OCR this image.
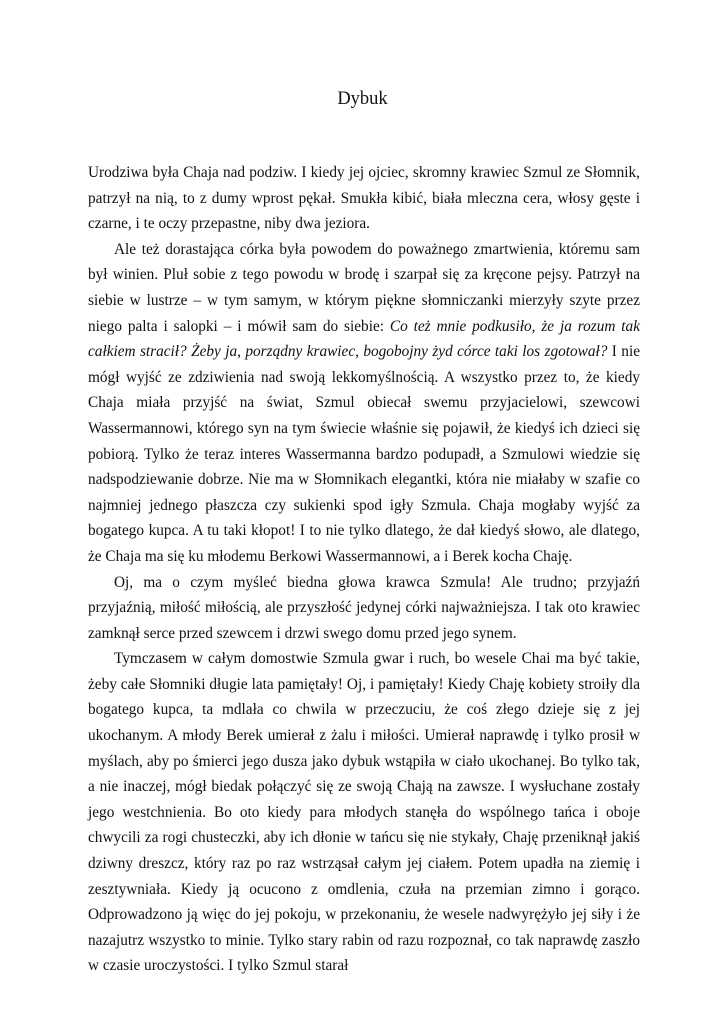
Dybuk

Urodziwa była Chaja nad podziw. I kiedy jej ojciec, skromny krawiec Szmul ze Słomnik, patrzył na nią, to z dumy wprost pękał. Smukła kibić, biała mleczna cera, włosy gęste i czarne, i te oczy przepastne, niby dwa jeziora.

Ale też dorastająca córka była powodem do poważnego zmartwienia, któremu sam był winien. Pluł sobie z tego powodu w brodę i szarpał się za kręcone pejsy. Patrzył na siebie w lustrze – w tym samym, w którym piękne słomniczanki mierzyły szyte przez niego palta i salopki – i mówił sam do siebie: Co też mnie podkusiło, że ja rozum tak całkiem stracił? Żeby ja, porządny krawiec, bogobojny żyd córce taki los zgotował? I nie mógł wyjść ze zdziwienia nad swoją lekkomyślnością. A wszystko przez to, że kiedy Chaja miała przyjść na świat, Szmul obiecał swemu przyjacielowi, szewcowi Wassermannowi, którego syn na tym świecie właśnie się pojawił, że kiedyś ich dzieci się pobiorą. Tylko że teraz interes Wassermanna bardzo podupadł, a Szmulowi wiedzie się nadspodziewanie dobrze. Nie ma w Słomnikach elegantki, która nie miałaby w szafie co najmniej jednego płaszcza czy sukienki spod igły Szmula. Chaja mogłaby wyjść za bogatego kupca. A tu taki kłopot! I to nie tylko dlatego, że dał kiedyś słowo, ale dlatego, że Chaja ma się ku młodemu Berkowi Wassermannowi, a i Berek kocha Chaję.

Oj, ma o czym myśleć biedna głowa krawca Szmula! Ale trudno; przyjaźń przyjaźnią, miłość miłością, ale przyszłość jedynej córki najważniejsza. I tak oto krawiec zamknął serce przed szewcem i drzwi swego domu przed jego synem.

Tymczasem w całym domostwie Szmula gwar i ruch, bo wesele Chai ma być takie, żeby całe Słomniki długie lata pamiętały! Oj, i pamiętały! Kiedy Chaję kobiety stroiły dla bogatego kupca, ta mdlała co chwila w przeczuciu, że coś złego dzieje się z jej ukochanym. A młody Berek umierał z żalu i miłości. Umierał naprawdę i tylko prosił w myślach, aby po śmierci jego dusza jako dybuk wstąpiła w ciało ukochanej. Bo tylko tak, a nie inaczej, mógł biedak połączyć się ze swoją Chają na zawsze. I wysłuchane zostały jego westchnienia. Bo oto kiedy para młodych stanęła do wspólnego tańca i oboje chwycili za rogi chusteczki, aby ich dłonie w tańcu się nie stykały, Chaję przeniknął jakiś dziwny dreszcz, który raz po raz wstrząsał całym jej ciałem. Potem upadła na ziemię i zesztywniała. Kiedy ją ocucono z omdlenia, czuła na przemian zimno i gorąco. Odprowadzono ją więc do jej pokoju, w przekonaniu, że wesele nadwyrężyło jej siły i że nazajutrz wszystko to minie. Tylko stary rabin od razu rozpoznał, co tak naprawdę zaszło w czasie uroczystości. I tylko Szmul starał
